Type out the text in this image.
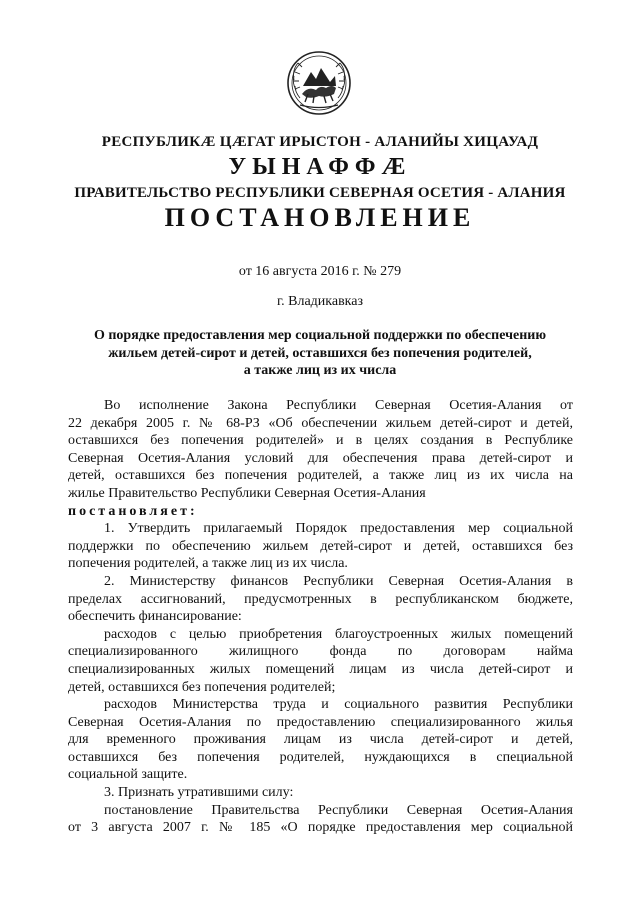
РЕСПУБЛИКÆ ЦÆГАТ ИРЫСТОН - АЛАНИЙЫ ХИЦАУАД
УЫНАФФÆ
ПРАВИТЕЛЬСТВО РЕСПУБЛИКИ СЕВЕРНАЯ ОСЕТИЯ - АЛАНИЯ
ПОСТАНОВЛЕНИЕ
от 16 августа 2016 г. № 279
г. Владикавказ
О порядке предоставления мер социальной поддержки по обеспечению
жильем детей-сирот и детей, оставшихся без попечения родителей,
а также лиц из их числа
Во исполнение Закона Республики Северная Осетия-Алания от
22 декабря 2005 г. № 68-РЗ «Об обеспечении жильем детей-сирот и детей,
оставшихся без попечения родителей» и в целях создания в Республике
Северная Осетия-Алания условий для обеспечения права детей-сирот и
детей, оставшихся без попечения родителей, а также лиц из их числа на
жилье Правительство Республики Северная Осетия-Алания
постановляет:
1. Утвердить прилагаемый Порядок предоставления мер социальной
поддержки по обеспечению жильем детей-сирот и детей, оставшихся без
попечения родителей, а также лиц из их числа.
2. Министерству финансов Республики Северная Осетия-Алания в
пределах ассигнований, предусмотренных в республиканском бюджете,
обеспечить финансирование:
расходов с целью приобретения благоустроенных жилых помещений
специализированного жилищного фонда по договорам найма
специализированных жилых помещений лицам из числа детей-сирот и
детей, оставшихся без попечения родителей;
расходов Министерства труда и социального развития Республики
Северная Осетия-Алания по предоставлению специализированного жилья
для временного проживания лицам из числа детей-сирот и детей,
оставшихся без попечения родителей, нуждающихся в специальной
социальной защите.
3. Признать утратившими силу:
постановление Правительства Республики Северная Осетия-Алания
от 3 августа 2007 г. № 185 «О порядке предоставления мер социальной
